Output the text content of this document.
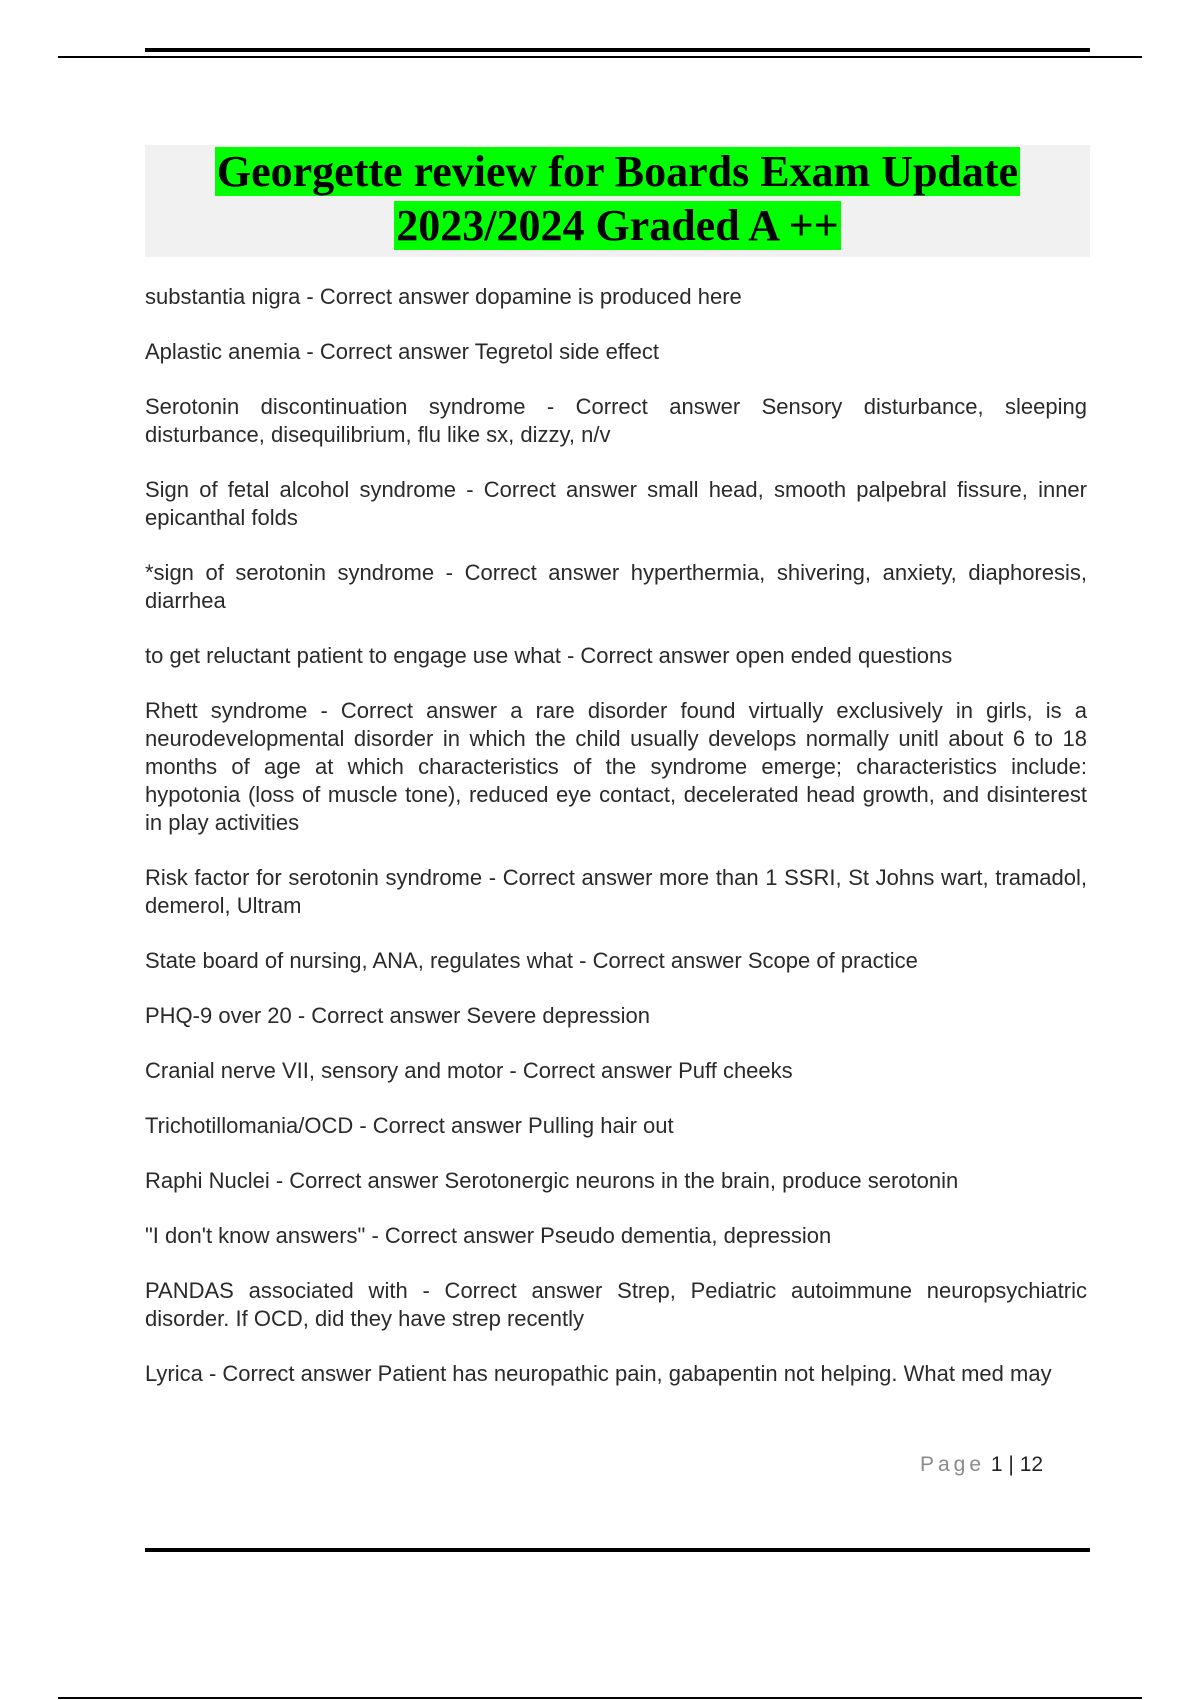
Georgette review for Boards Exam Update
2023/2024 Graded A ++

substantia nigra - Correct answer dopamine is produced here

Aplastic anemia - Correct answer Tegretol side effect

Serotonin discontinuation syndrome - Correct answer Sensory disturbance, sleeping disturbance, disequilibrium, flu like sx, dizzy, n/v

Sign of fetal alcohol syndrome - Correct answer small head, smooth palpebral fissure, inner epicanthal folds

*sign of serotonin syndrome - Correct answer hyperthermia, shivering, anxiety, diaphoresis, diarrhea

to get reluctant patient to engage use what - Correct answer open ended questions

Rhett syndrome - Correct answer a rare disorder found virtually exclusively in girls, is a neurodevelopmental disorder in which the child usually develops normally unitl about 6 to 18 months of age at which characteristics of the syndrome emerge; characteristics include: hypotonia (loss of muscle tone), reduced eye contact, decelerated head growth, and disinterest in play activities

Risk factor for serotonin syndrome - Correct answer more than 1 SSRI, St Johns wart, tramadol, demerol, Ultram

State board of nursing, ANA, regulates what - Correct answer Scope of practice

PHQ-9 over 20 - Correct answer Severe depression

Cranial nerve VII, sensory and motor - Correct answer Puff cheeks

Trichotillomania/OCD - Correct answer Pulling hair out

Raphi Nuclei - Correct answer Serotonergic neurons in the brain, produce serotonin

"I don't know answers" - Correct answer Pseudo dementia, depression

PANDAS associated with - Correct answer Strep, Pediatric autoimmune neuropsychiatric disorder. If OCD, did they have strep recently

Lyrica - Correct answer Patient has neuropathic pain, gabapentin not helping. What med may

Page 1 | 12
